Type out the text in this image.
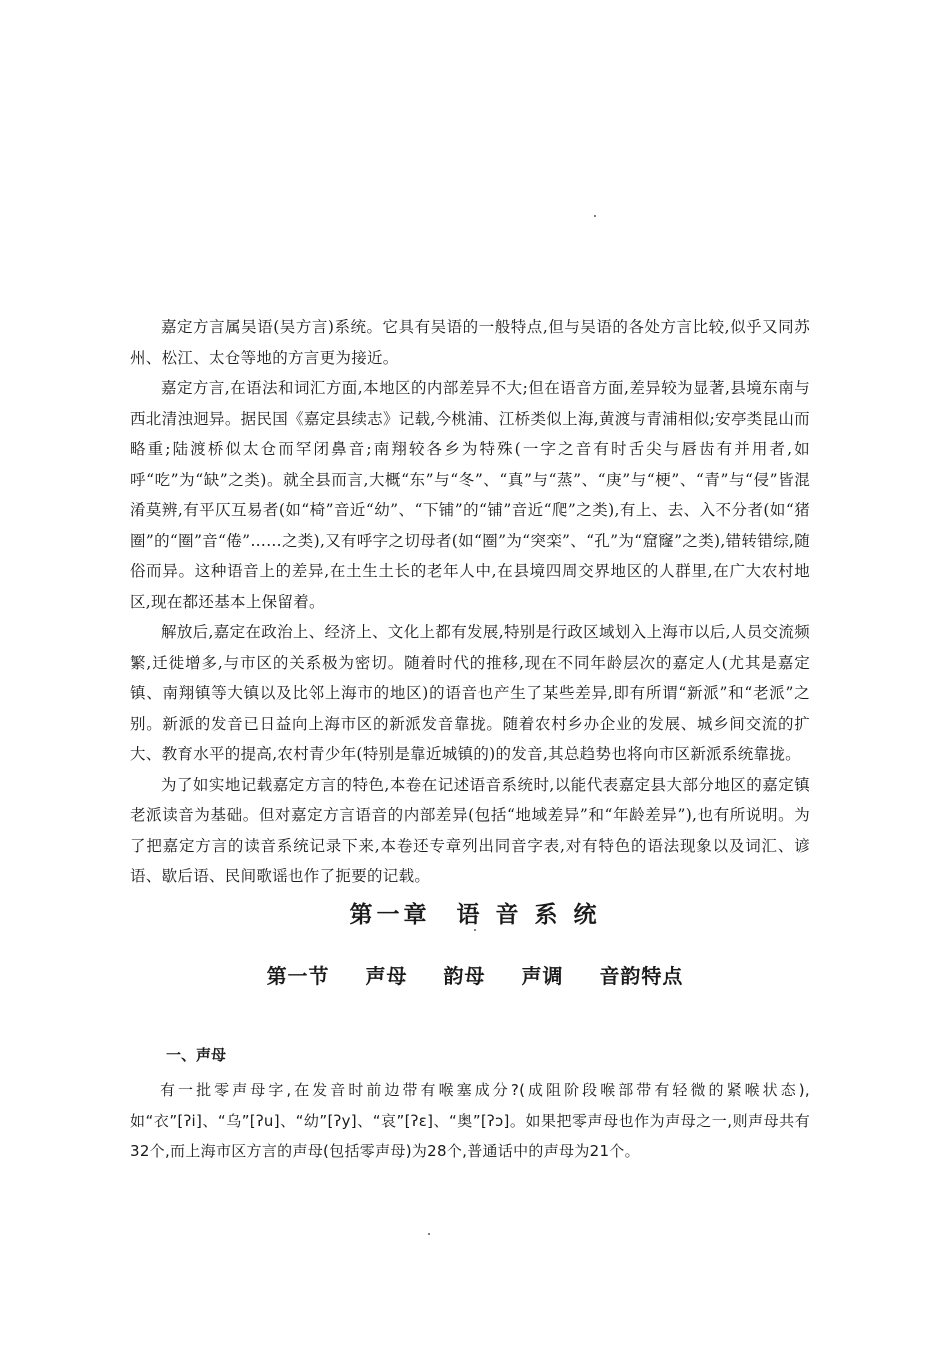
嘉定方言属吴语(吴方言)系统。它具有吴语的一般特点,但与吴语的各处方言比较,似乎又同苏州、松江、太仓等地的方言更为接近。

嘉定方言,在语法和词汇方面,本地区的内部差异不大;但在语音方面,差异较为显著,县境东南与西北清浊迥异。据民国《嘉定县续志》记载,今桃浦、江桥类似上海,黄渡与青浦相似;安亭类昆山而略重;陆渡桥似太仓而罕闭鼻音;南翔较各乡为特殊(一字之音有时舌尖与唇齿有并用者,如呼“吃”为“缺”之类)。就全县而言,大概“东”与“冬”、“真”与“蒸”、“庚”与“梗”、“青”与“侵”皆混淆莫辨,有平仄互易者(如“椅”音近“幼”、“下铺”的“铺”音近“爬”之类),有上、去、入不分者(如“猪圈”的“圈”音“倦”……之类),又有呼字之切母者(如“圈”为“突栾”、“孔”为“窟窿”之类),错转错综,随俗而异。这种语音上的差异,在土生土长的老年人中,在县境四周交界地区的人群里,在广大农村地区,现在都还基本上保留着。

解放后,嘉定在政治上、经济上、文化上都有发展,特别是行政区域划入上海市以后,人员交流频繁,迁徙增多,与市区的关系极为密切。随着时代的推移,现在不同年龄层次的嘉定人(尤其是嘉定镇、南翔镇等大镇以及比邻上海市的地区)的语音也产生了某些差异,即有所谓“新派”和“老派”之别。新派的发音已日益向上海市区的新派发音靠拢。随着农村乡办企业的发展、城乡间交流的扩大、教育水平的提高,农村青少年(特别是靠近城镇的)的发音,其总趋势也将向市区新派系统靠拢。

为了如实地记载嘉定方言的特色,本卷在记述语音系统时,以能代表嘉定县大部分地区的嘉定镇老派读音为基础。但对嘉定方言语音的内部差异(包括“地域差异”和“年龄差异”),也有所说明。为了把嘉定方言的读音系统记录下来,本卷还专章列出同音字表,对有特色的语法现象以及词汇、谚语、歇后语、民间歌谣也作了扼要的记载。

第一章 语 音 系 统
第一节 声母 韵母 声调 音韵特点
一、声母

有一批零声母字,在发音时前边带有喉塞成分?(成阻阶段喉部带有轻微的紧喉状态),如“衣”[ʔi]、“乌”[ʔu]、“幼”[ʔy]、“哀”[ʔɛ]、“奥”[ʔɔ]。如果把零声母也作为声母之一,则声母共有32个,而上海市区方言的声母(包括零声母)为28个,普通话中的声母为21个。
